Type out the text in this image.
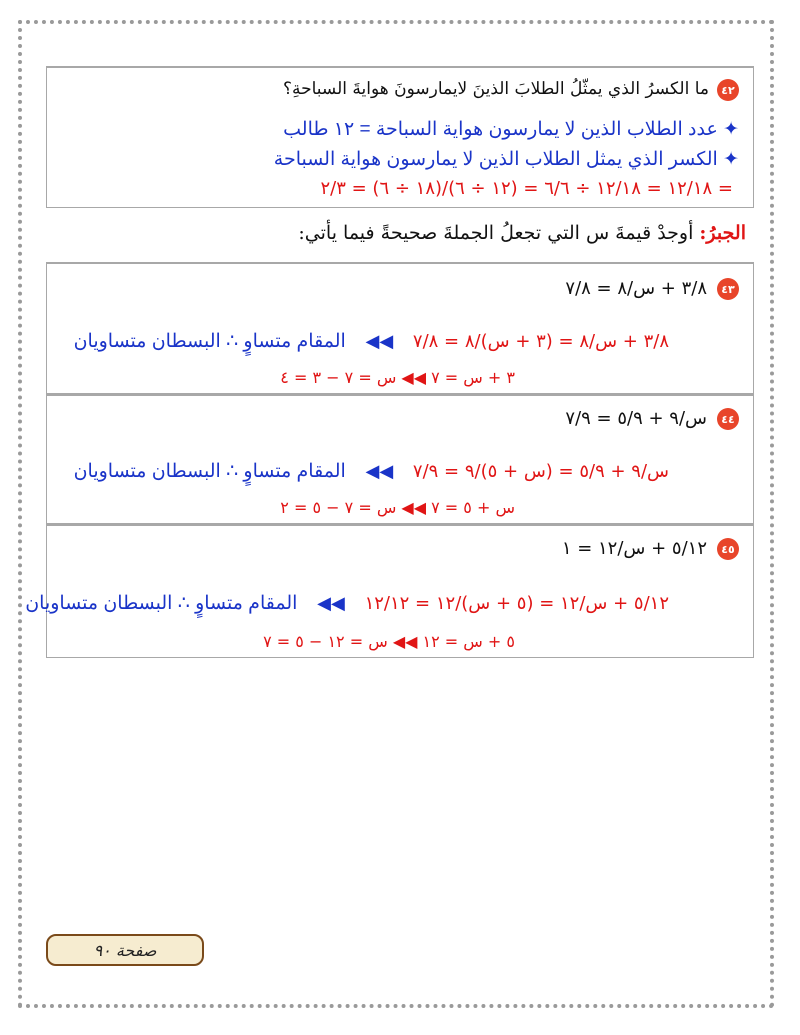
٤٢
ما الكسرُ الذي يمثّلُ الطلابَ الذينَ لايمارسونَ هوايةَ السباحةِ؟
✦ عدد الطلاب الذين لا يمارسون هواية السباحة = ١٢ طالب
✦ الكسر الذي يمثل الطلاب الذين لا يمارسون هواية السباحة
= ١٢/١٨ = ١٢/١٨ ÷ ٦/٦ = (١٢ ÷ ٦)/(١٨ ÷ ٦) = ٢/٣
الجبرُ: أوجدْ قيمةَ س التي تجعلُ الجملةَ صحيحةً فيما يأتي:
٤٣
٣/٨ + س/٨ = ٧/٨
٣/٨ + س/٨ = (٣ + س)/٨ = ٧/٨ ◀◀ المقام متساوٍ ∴ البسطان متساويان
٣ + س = ٧ ◀◀ س = ٧ − ٣ = ٤
٤٤
س/٩ + ٥/٩ = ٧/٩
س/٩ + ٥/٩ = (س + ٥)/٩ = ٧/٩ ◀◀ المقام متساوٍ ∴ البسطان متساويان
س + ٥ = ٧ ◀◀ س = ٧ − ٥ = ٢
٤٥
٥/١٢ + س/١٢ = ١
٥/١٢ + س/١٢ = (٥ + س)/١٢ = ١٢/١٢ ◀◀ المقام متساوٍ ∴ البسطان متساويان
٥ + س = ١٢ ◀◀ س = ١٢ − ٥ = ٧
صفحة ٩٠
